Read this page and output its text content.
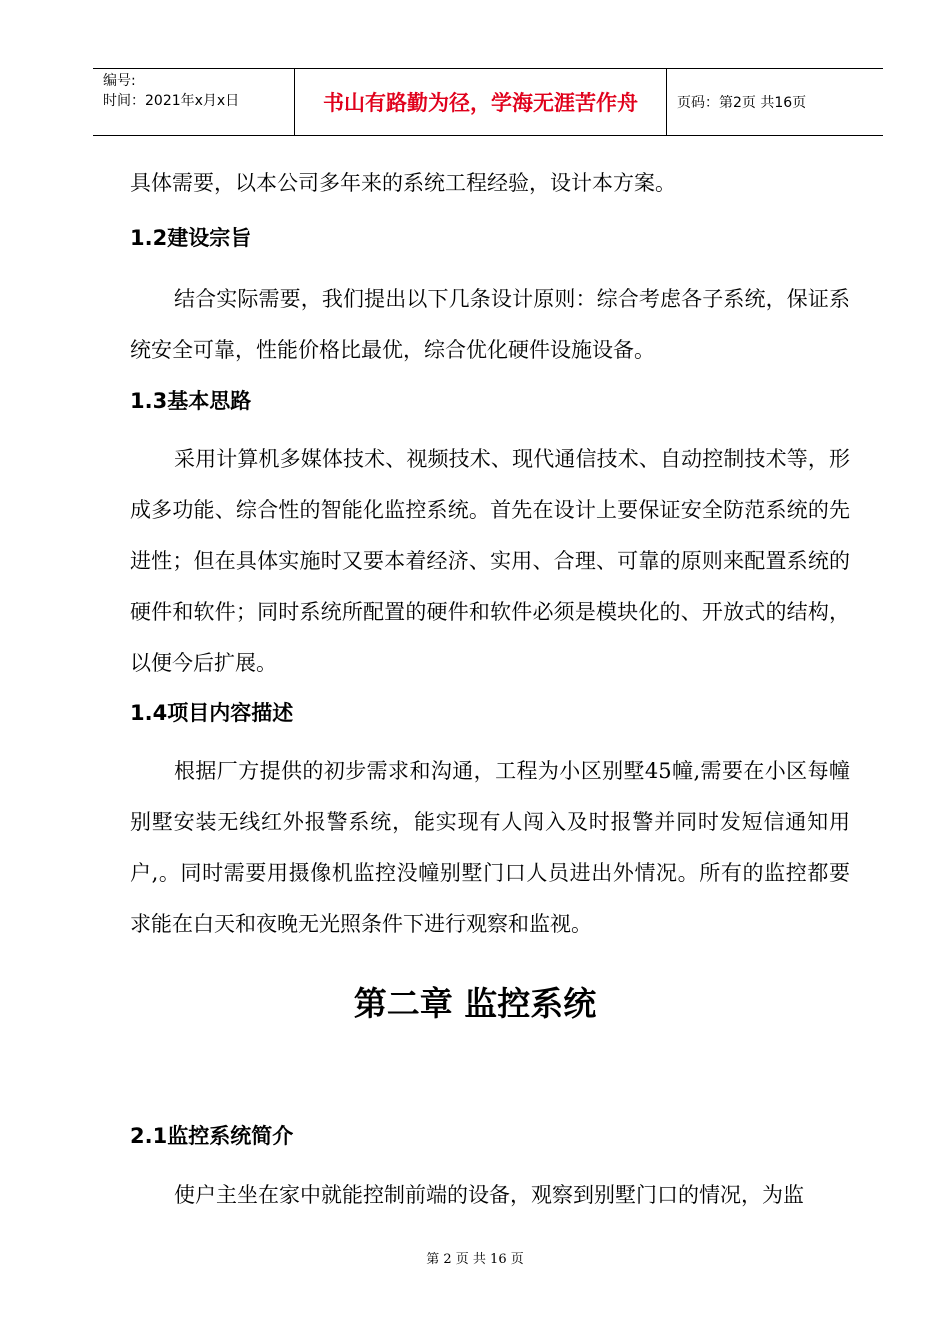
编号:
时间：2021年x月x日	书山有路勤为径，学海无涯苦作舟	页码：第2页 共16页

具体需要，以本公司多年来的系统工程经验，设计本方案。

1.2建设宗旨

结合实际需要，我们提出以下几条设计原则：综合考虑各子系统，保证系统安全可靠，性能价格比最优，综合优化硬件设施设备。

1.3基本思路

采用计算机多媒体技术、视频技术、现代通信技术、自动控制技术等，形成多功能、综合性的智能化监控系统。首先在设计上要保证安全防范系统的先进性；但在具体实施时又要本着经济、实用、合理、可靠的原则来配置系统的硬件和软件；同时系统所配置的硬件和软件必须是模块化的、开放式的结构，以便今后扩展。

1.4项目内容描述

根据厂方提供的初步需求和沟通，工程为小区别墅45幢,需要在小区每幢别墅安装无线红外报警系统，能实现有人闯入及时报警并同时发短信通知用户,。同时需要用摄像机监控没幢别墅门口人员进出外情况。所有的监控都要求能在白天和夜晚无光照条件下进行观察和监视。

第二章 监控系统
2.1监控系统简介

使户主坐在家中就能控制前端的设备，观察到别墅门口的情况，为监

第 2 页 共 16 页
